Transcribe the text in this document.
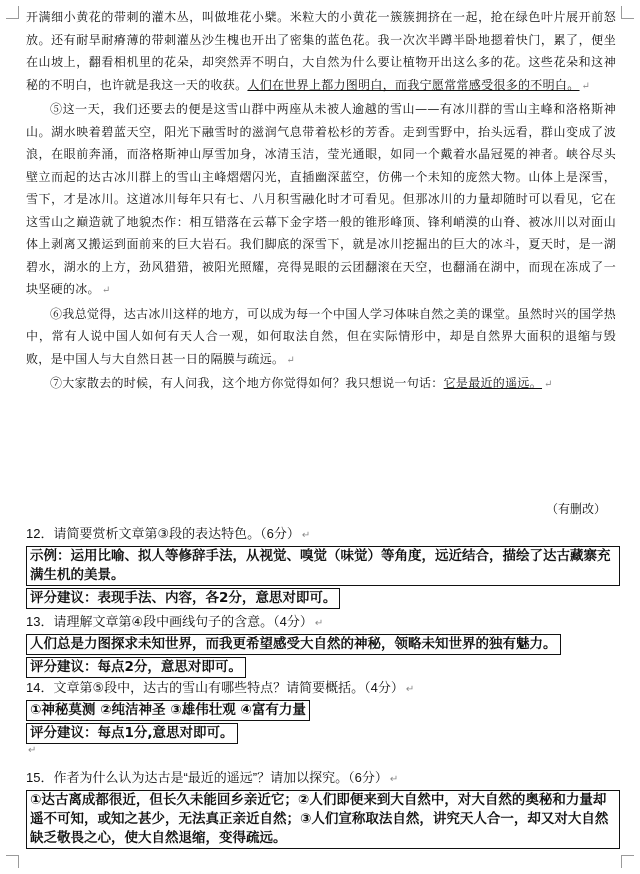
开满细小黄花的带刺的灌木丛，叫做堆花小檗。米粒大的小黄花一簇簇拥挤在一起，抢在绿色叶片展开前怒放。还有耐旱耐瘠薄的带刺灌丛沙生槐也开出了密集的蓝色花。我一次次半蹲半卧地摁着快门，累了，便坐在山坡上，翻看相机里的花朵，却突然弄不明白，大自然为什么要让植物开出这么多的花。这些花朵和这神秘的不明白，也许就是我这一天的收获。人们在世界上都力图明白，而我宁愿常常感受很多的不明白。 ↵

⑤这一天，我们还要去的便是这雪山群中两座从未被人逾越的雪山——有冰川群的雪山主峰和洛格斯神山。湖水映着碧蓝天空，阳光下融雪时的滋润气息带着松杉的芳香。走到雪野中，抬头远看，群山变成了波浪，在眼前奔涌，而洛格斯神山厚雪加身，冰清玉洁，莹光通眼，如同一个戴着水晶冠冕的神者。峡谷尽头壁立而起的达古冰川群上的雪山主峰熠熠闪光，直插幽深蓝空，仿佛一个未知的庞然大物。山体上是深雪，雪下，才是冰川。这道冰川每年只有七、八月积雪融化时才可看见。但那冰川的力量却随时可以看见，它在这雪山之巅造就了地貌杰作：相互错落在云幕下金字塔一般的锥形峰顶、锋利峭漠的山脊、被冰川以对面山体上剥离又搬运到面前来的巨大岩石。我们脚底的深雪下，就是冰川挖掘出的巨大的冰斗，夏天时，是一湖碧水，湖水的上方，劲风猎猎，被阳光照耀，亮得晃眼的云团翻滚在天空，也翻涌在湖中，而现在冻成了一块坚硬的冰。 ↵

⑥我总觉得，达古冰川这样的地方，可以成为每一个中国人学习体味自然之美的课堂。虽然时兴的国学热中，常有人说中国人如何有天人合一观，如何取法自然，但在实际情形中，却是自然界大面积的退缩与毁败，是中国人与大自然日甚一日的隔膜与疏远。 ↵

⑦大家散去的时候，有人问我，这个地方你觉得如何？我只想说一句话：它是最近的遥远。 ↵

（有删改）

12．请简要赏析文章第③段的表达特色。（6分） ↵

示例：运用比喻、拟人等修辞手法，从视觉、嗅觉（味觉）等角度，远近结合，描绘了达古藏寨充满生机的美景。
评分建议：表现手法、内容，各2分，意思对即可。

13．请理解文章第④段中画线句子的含意。（4分） ↵

人们总是力图探求未知世界，而我更希望感受大自然的神秘，领略未知世界的独有魅力。
评分建议：每点2分，意思对即可。

14．文章第⑤段中，达古的雪山有哪些特点？请简要概括。（4分） ↵

①神秘莫测 ②纯洁神圣 ③雄伟壮观 ④富有力量
评分建议：每点1分,意思对即可。
↵

15．作者为什么认为达古是“最近的遥远”？请加以探究。（6分） ↵

①达古离成都很近，但长久未能回乡亲近它；②人们即便来到大自然中，对大自然的奥秘和力量却遥不可知，或知之甚少，无法真正亲近自然；③人们宣称取法自然，讲究天人合一，却又对大自然缺乏敬畏之心，使大自然退缩，变得疏远。
